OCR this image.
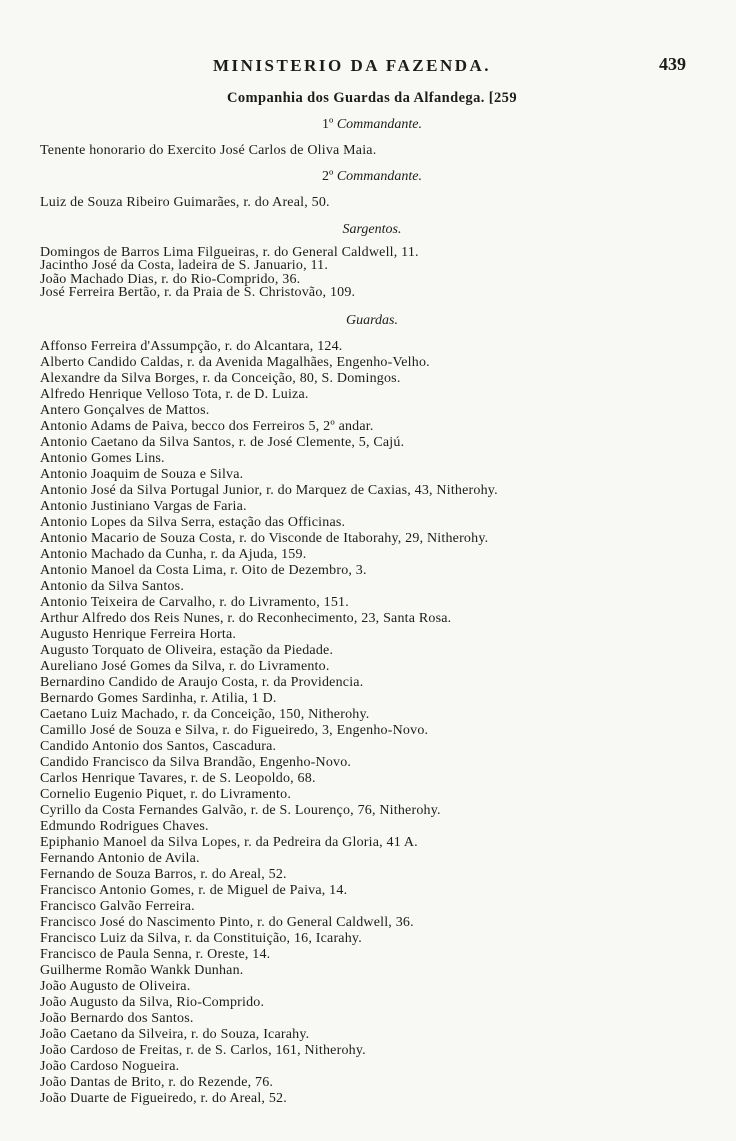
MINISTERIO DA FAZENDA.	439
Companhia dos Guardas da Alfandega. [259
1º Commandante.
Tenente honorario do Exercito José Carlos de Oliva Maia.
2º Commandante.
Luiz de Souza Ribeiro Guimarães, r. do Areal, 50.
Sargentos.
Domingos de Barros Lima Filgueiras, r. do General Caldwell, 11.
Jacintho José da Costa, ladeira de S. Januario, 11.
João Machado Dias, r. do Rio-Comprido, 36.
José Ferreira Bertão, r. da Praia de S. Christovão, 109.
Guardas.
Affonso Ferreira d'Assumpção, r. do Alcantara, 124.
Alberto Candido Caldas, r. da Avenida Magalhães, Engenho-Velho.
Alexandre da Silva Borges, r. da Conceição, 80, S. Domingos.
Alfredo Henrique Velloso Tota, r. de D. Luiza.
Antero Gonçalves de Mattos.
Antonio Adams de Paiva, becco dos Ferreiros 5, 2º andar.
Antonio Caetano da Silva Santos, r. de José Clemente, 5, Cajú.
Antonio Gomes Lins.
Antonio Joaquim de Souza e Silva.
Antonio José da Silva Portugal Junior, r. do Marquez de Caxias, 43, Nitherohy.
Antonio Justiniano Vargas de Faria.
Antonio Lopes da Silva Serra, estação das Officinas.
Antonio Macario de Souza Costa, r. do Visconde de Itaborahy, 29, Nitherohy.
Antonio Machado da Cunha, r. da Ajuda, 159.
Antonio Manoel da Costa Lima, r. Oito de Dezembro, 3.
Antonio da Silva Santos.
Antonio Teixeira de Carvalho, r. do Livramento, 151.
Arthur Alfredo dos Reis Nunes, r. do Reconhecimento, 23, Santa Rosa.
Augusto Henrique Ferreira Horta.
Augusto Torquato de Oliveira, estação da Piedade.
Aureliano José Gomes da Silva, r. do Livramento.
Bernardino Candido de Araujo Costa, r. da Providencia.
Bernardo Gomes Sardinha, r. Atilia, 1 D.
Caetano Luiz Machado, r. da Conceição, 150, Nitherohy.
Camillo José de Souza e Silva, r. do Figueiredo, 3, Engenho-Novo.
Candido Antonio dos Santos, Cascadura.
Candido Francisco da Silva Brandão, Engenho-Novo.
Carlos Henrique Tavares, r. de S. Leopoldo, 68.
Cornelio Eugenio Piquet, r. do Livramento.
Cyrillo da Costa Fernandes Galvão, r. de S. Lourenço, 76, Nitherohy.
Edmundo Rodrigues Chaves.
Epiphanio Manoel da Silva Lopes, r. da Pedreira da Gloria, 41 A.
Fernando Antonio de Avila.
Fernando de Souza Barros, r. do Areal, 52.
Francisco Antonio Gomes, r. de Miguel de Paiva, 14.
Francisco Galvão Ferreira.
Francisco José do Nascimento Pinto, r. do General Caldwell, 36.
Francisco Luiz da Silva, r. da Constituição, 16, Icarahy.
Francisco de Paula Senna, r. Oreste, 14.
Guilherme Romão Wankk Dunhan.
João Augusto de Oliveira.
João Augusto da Silva, Rio-Comprido.
João Bernardo dos Santos.
João Caetano da Silveira, r. do Souza, Icarahy.
João Cardoso de Freitas, r. de S. Carlos, 161, Nitherohy.
João Cardoso Nogueira.
João Dantas de Brito, r. do Rezende, 76.
João Duarte de Figueiredo, r. do Areal, 52.
